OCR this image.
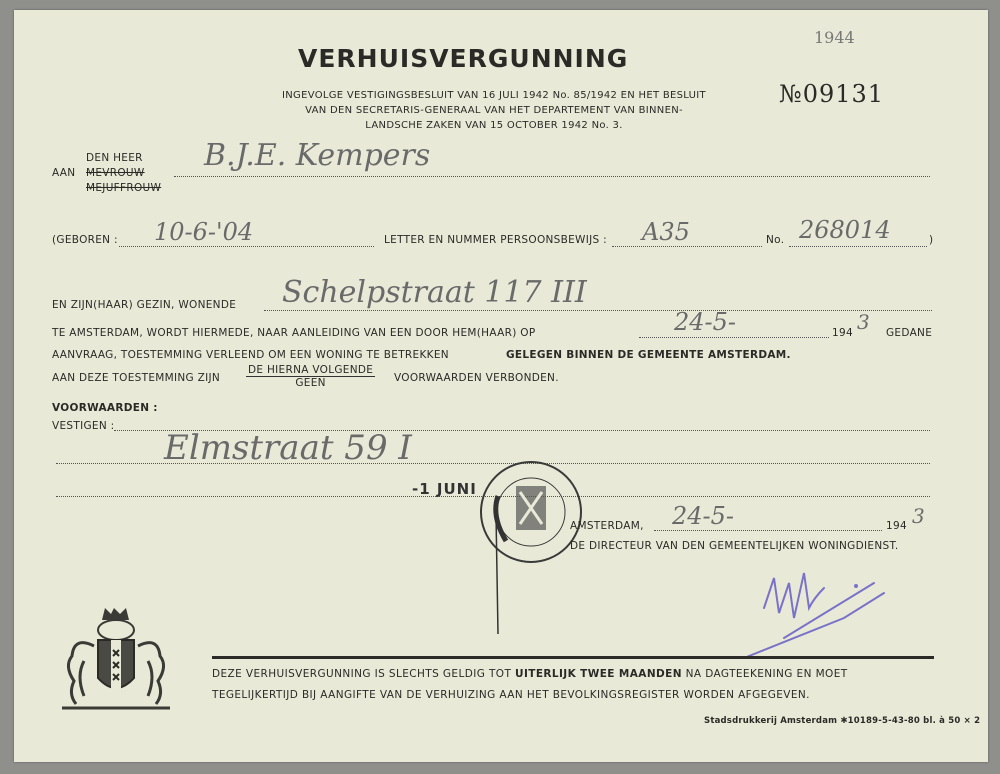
1944
VERHUISVERGUNNING
INGEVOLGE VESTIGINGSBESLUIT VAN 16 JULI 1942 No. 85/1942 EN HET BESLUIT
VAN DEN SECRETARIS-GENERAAL VAN HET DEPARTEMENT VAN BINNEN-
LANDSCHE ZAKEN VAN 15 OCTOBER 1942 No. 3.
№09131
AAN
DEN HEER
MEVROUW
MEJUFFROUW
B.J.E. Kempers
(GEBOREN : 10-6-'04	LETTER EN NUMMER PERSOONSBEWIJS : A35	No. 268014	)
EN ZIJN(HAAR) GEZIN, WONENDE Schelpstraat 117 III
TE AMSTERDAM, WORDT HIERMEDE, NAAR AANLEIDING VAN EEN DOOR HEM(HAAR) OP	24-5-	194 3 GEDANE
AANVRAAG, TOESTEMMING VERLEEND OM EEN WONING TE BETREKKEN	GELEGEN BINNEN DE GEMEENTE AMSTERDAM.
AAN DEZE TOESTEMMING ZIJN
DE HIERNA VOLGENDE
GEEN	VOORWAARDEN VERBONDEN.
VOORWAARDEN :
VESTIGEN :
Elmstraat 59 I
-1 JUNI
AMSTERDAM, 24-5-	194 3
DE DIRECTEUR VAN DEN GEMEENTELIJKEN WONINGDIENST.
DEZE VERHUISVERGUNNING IS SLECHTS GELDIG TOT UITERLIJK TWEE MAANDEN NA DAGTEEKENING EN MOET
TEGELIJKERTIJD BIJ AANGIFTE VAN DE VERHUIZING AAN HET BEVOLKINGSREGISTER WORDEN AFGEGEVEN.
Stadsdrukkerij Amsterdam ✱10189-5-43-80 bl. à 50 × 2
